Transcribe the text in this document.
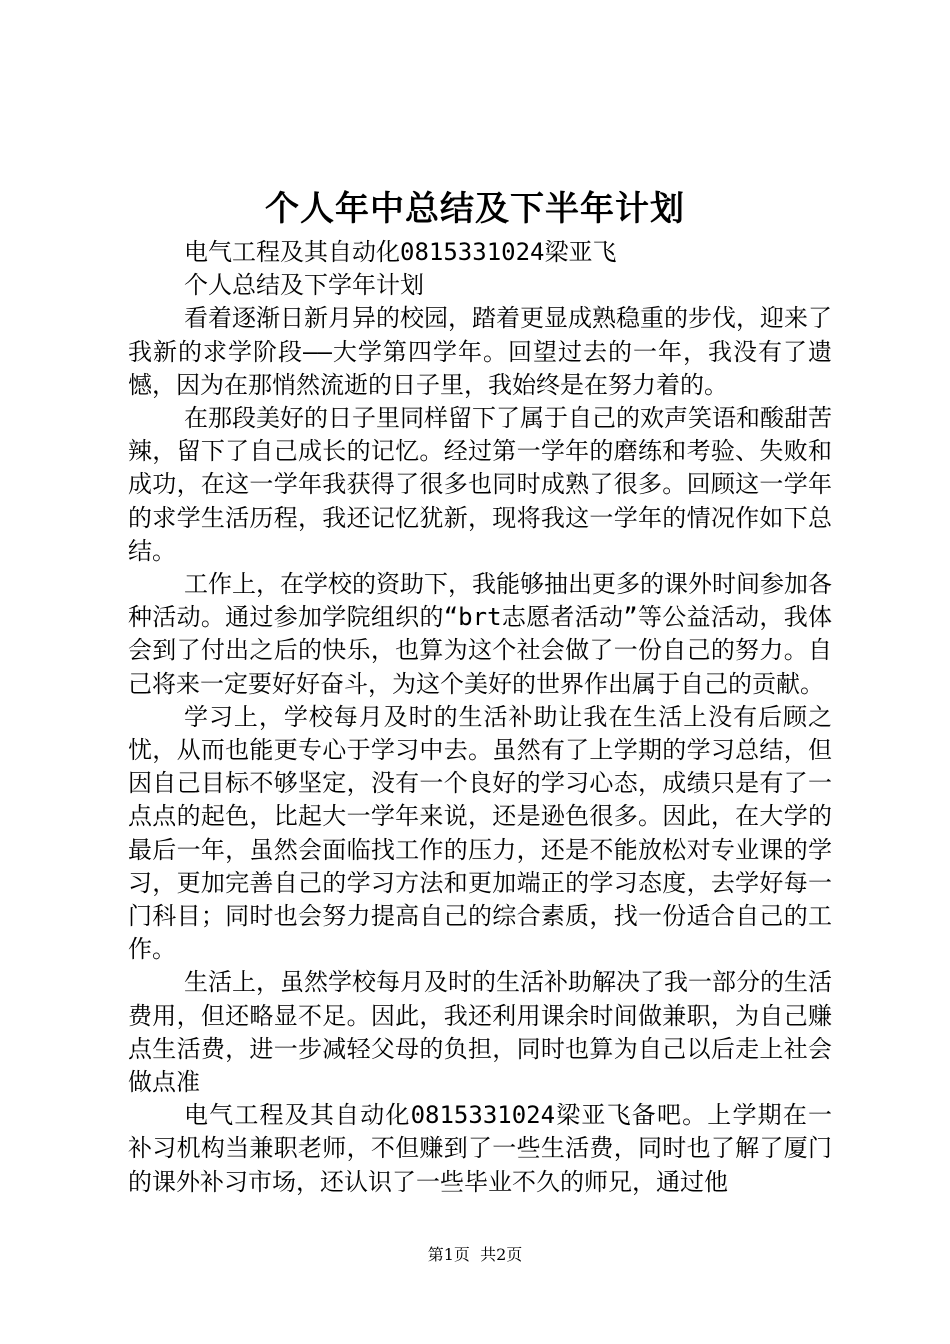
个人年中总结及下半年计划

电气工程及其自动化0815331024梁亚飞

个人总结及下学年计划

看着逐渐日新月异的校园，踏着更显成熟稳重的步伐，迎来了我新的求学阶段——大学第四学年。回望过去的一年，我没有了遗憾，因为在那悄然流逝的日子里，我始终是在努力着的。

在那段美好的日子里同样留下了属于自己的欢声笑语和酸甜苦辣，留下了自己成长的记忆。经过第一学年的磨练和考验、失败和成功，在这一学年我获得了很多也同时成熟了很多。回顾这一学年的求学生活历程，我还记忆犹新，现将我这一学年的情况作如下总结。

工作上，在学校的资助下，我能够抽出更多的课外时间参加各种活动。通过参加学院组织的“brt志愿者活动”等公益活动，我体会到了付出之后的快乐，也算为这个社会做了一份自己的努力。自己将来一定要好好奋斗，为这个美好的世界作出属于自己的贡献。

学习上，学校每月及时的生活补助让我在生活上没有后顾之忧，从而也能更专心于学习中去。虽然有了上学期的学习总结，但因自己目标不够坚定，没有一个良好的学习心态，成绩只是有了一点点的起色，比起大一学年来说，还是逊色很多。因此，在大学的最后一年，虽然会面临找工作的压力，还是不能放松对专业课的学习，更加完善自己的学习方法和更加端正的学习态度，去学好每一门科目；同时也会努力提高自己的综合素质，找一份适合自己的工作。

生活上，虽然学校每月及时的生活补助解决了我一部分的生活费用，但还略显不足。因此，我还利用课余时间做兼职，为自己赚点生活费，进一步减轻父母的负担，同时也算为自己以后走上社会做点准

电气工程及其自动化0815331024梁亚飞备吧。上学期在一补习机构当兼职老师，不但赚到了一些生活费，同时也了解了厦门的课外补习市场，还认识了一些毕业不久的师兄，通过他

第1页  共2页
